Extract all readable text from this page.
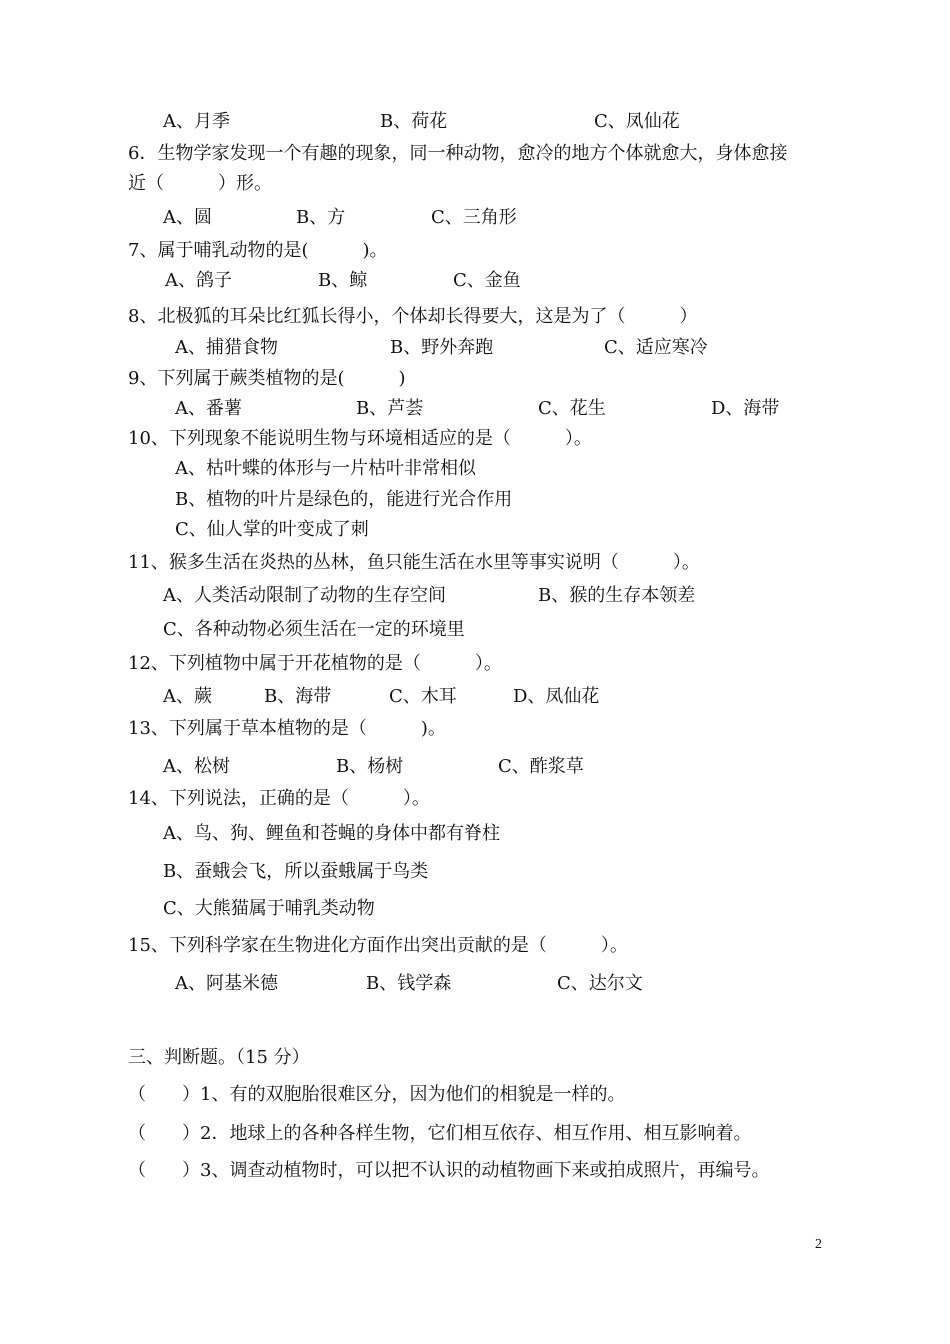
A、月季	B、荷花	C、凤仙花
6．生物学家发现一个有趣的现象，同一种动物，愈冷的地方个体就愈大，身体愈接
近（　　　）形。
A、圆	B、方	C、三角形
7、属于哺乳动物的是(　　　)。
A、鸽子	B、鲸	C、金鱼
8、北极狐的耳朵比红狐长得小，个体却长得要大，这是为了（　　　）
A、捕猎食物	B、野外奔跑	C、适应寒冷
9、下列属于蕨类植物的是(　　　)
A、番薯	B、芦荟	C、花生	D、海带
10、下列现象不能说明生物与环境相适应的是（　　　）。
A、枯叶蝶的体形与一片枯叶非常相似
B、植物的叶片是绿色的，能进行光合作用
C、仙人掌的叶变成了刺
11、猴多生活在炎热的丛林，鱼只能生活在水里等事实说明（　　　）。
A、人类活动限制了动物的生存空间	B、猴的生存本领差
C、各种动物必须生活在一定的环境里
12、下列植物中属于开花植物的是（　　　）。
A、蕨	B、海带	C、木耳	D、凤仙花
13、下列属于草本植物的是（　　　)。
A、松树	B、杨树	C、酢浆草
14、下列说法，正确的是（　　　）。
A、鸟、狗、鲤鱼和苍蝇的身体中都有脊柱
B、蚕蛾会飞，所以蚕蛾属于鸟类
C、大熊猫属于哺乳类动物
15、下列科学家在生物进化方面作出突出贡献的是（　　　）。
A、阿基米德	B、钱学森	C、达尔文
三、判断题。（15 分）
（　　）1、有的双胞胎很难区分，因为他们的相貌是一样的。
（　　）2．地球上的各种各样生物，它们相互依存、相互作用、相互影响着。
（　　）3、调查动植物时，可以把不认识的动植物画下来或拍成照片，再编号。
2
